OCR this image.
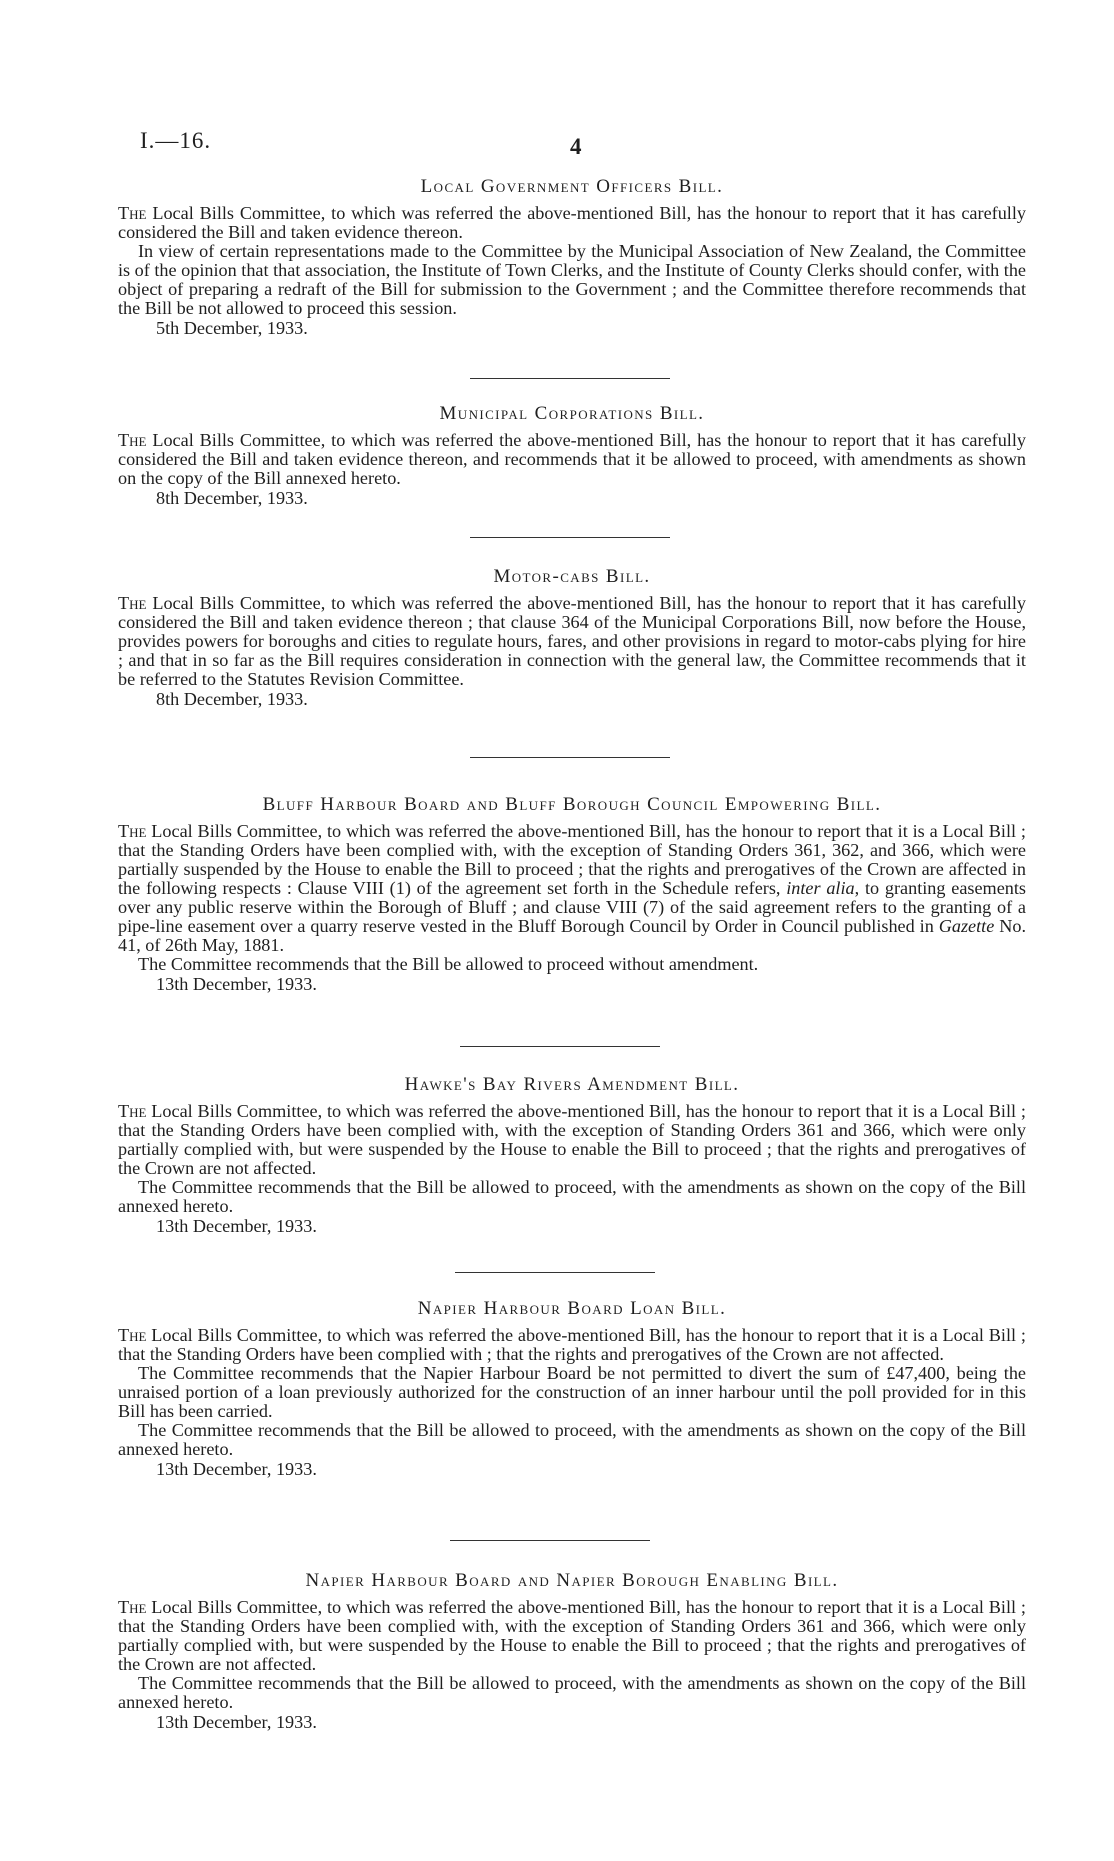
I.—16.	4
Local Government Officers Bill.

The Local Bills Committee, to which was referred the above-mentioned Bill, has the honour to report that it has carefully considered the Bill and taken evidence thereon.

In view of certain representations made to the Committee by the Municipal Association of New Zealand, the Committee is of the opinion that that association, the Institute of Town Clerks, and the Institute of County Clerks should confer, with the object of preparing a redraft of the Bill for submission to the Government ; and the Committee therefore recommends that the Bill be not allowed to proceed this session.

5th December, 1933.
Municipal Corporations Bill.

The Local Bills Committee, to which was referred the above-mentioned Bill, has the honour to report that it has carefully considered the Bill and taken evidence thereon, and recommends that it be allowed to proceed, with amendments as shown on the copy of the Bill annexed hereto.

8th December, 1933.
Motor-cabs Bill.

The Local Bills Committee, to which was referred the above-mentioned Bill, has the honour to report that it has carefully considered the Bill and taken evidence thereon ; that clause 364 of the Municipal Corporations Bill, now before the House, provides powers for boroughs and cities to regulate hours, fares, and other provisions in regard to motor-cabs plying for hire ; and that in so far as the Bill requires consideration in connection with the general law, the Committee recommends that it be referred to the Statutes Revision Committee.

8th December, 1933.
Bluff Harbour Board and Bluff Borough Council Empowering Bill.

The Local Bills Committee, to which was referred the above-mentioned Bill, has the honour to report that it is a Local Bill ; that the Standing Orders have been complied with, with the exception of Standing Orders 361, 362, and 366, which were partially suspended by the House to enable the Bill to proceed ; that the rights and prerogatives of the Crown are affected in the following respects : Clause VIII (1) of the agreement set forth in the Schedule refers, inter alia, to granting easements over any public reserve within the Borough of Bluff ; and clause VIII (7) of the said agreement refers to the granting of a pipe-line easement over a quarry reserve vested in the Bluff Borough Council by Order in Council published in Gazette No. 41, of 26th May, 1881.

The Committee recommends that the Bill be allowed to proceed without amendment.

13th December, 1933.
Hawke's Bay Rivers Amendment Bill.

The Local Bills Committee, to which was referred the above-mentioned Bill, has the honour to report that it is a Local Bill ; that the Standing Orders have been complied with, with the exception of Standing Orders 361 and 366, which were only partially complied with, but were suspended by the House to enable the Bill to proceed ; that the rights and prerogatives of the Crown are not affected.

The Committee recommends that the Bill be allowed to proceed, with the amendments as shown on the copy of the Bill annexed hereto.

13th December, 1933.
Napier Harbour Board Loan Bill.

The Local Bills Committee, to which was referred the above-mentioned Bill, has the honour to report that it is a Local Bill ; that the Standing Orders have been complied with ; that the rights and prerogatives of the Crown are not affected.

The Committee recommends that the Napier Harbour Board be not permitted to divert the sum of £47,400, being the unraised portion of a loan previously authorized for the construction of an inner harbour until the poll provided for in this Bill has been carried.

The Committee recommends that the Bill be allowed to proceed, with the amendments as shown on the copy of the Bill annexed hereto.

13th December, 1933.
Napier Harbour Board and Napier Borough Enabling Bill.

The Local Bills Committee, to which was referred the above-mentioned Bill, has the honour to report that it is a Local Bill ; that the Standing Orders have been complied with, with the exception of Standing Orders 361 and 366, which were only partially complied with, but were suspended by the House to enable the Bill to proceed ; that the rights and prerogatives of the Crown are not affected.

The Committee recommends that the Bill be allowed to proceed, with the amendments as shown on the copy of the Bill annexed hereto.

13th December, 1933.
